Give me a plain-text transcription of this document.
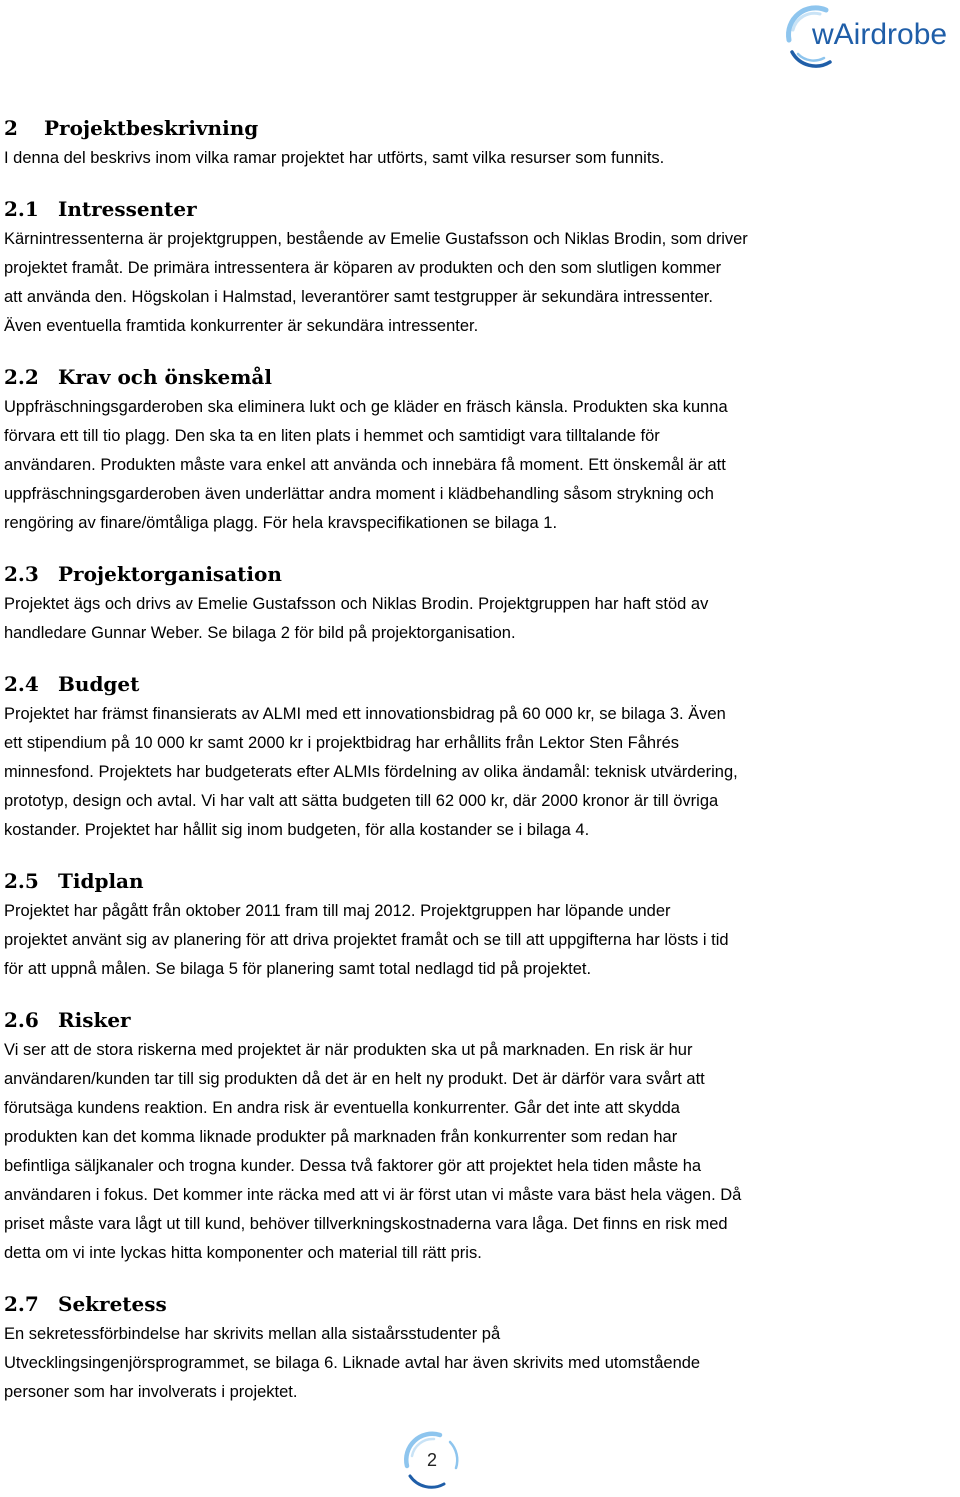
wAirdrobe
2 Projektbeskrivning

I denna del beskrivs inom vilka ramar projektet har utförts, samt vilka resurser som funnits.

2.1 Intressenter

Kärnintressenterna är projektgruppen, bestående av Emelie Gustafsson och Niklas Brodin, som driver
projektet framåt. De primära intressentera är köparen av produkten och den som slutligen kommer
att använda den. Högskolan i Halmstad, leverantörer samt testgrupper är sekundära intressenter.
Även eventuella framtida konkurrenter är sekundära intressenter.

2.2 Krav och önskemål

Uppfräschningsgarderoben ska eliminera lukt och ge kläder en fräsch känsla. Produkten ska kunna
förvara ett till tio plagg. Den ska ta en liten plats i hemmet och samtidigt vara tilltalande för
användaren. Produkten måste vara enkel att använda och innebära få moment. Ett önskemål är att
uppfräschningsgarderoben även underlättar andra moment i klädbehandling såsom strykning och
rengöring av finare/ömtåliga plagg. För hela kravspecifikationen se bilaga 1.

2.3 Projektorganisation

Projektet ägs och drivs av Emelie Gustafsson och Niklas Brodin. Projektgruppen har haft stöd av
handledare Gunnar Weber. Se bilaga 2 för bild på projektorganisation.

2.4 Budget

Projektet har främst finansierats av ALMI med ett innovationsbidrag på 60 000 kr, se bilaga 3. Även
ett stipendium på 10 000 kr samt 2000 kr i projektbidrag har erhållits från Lektor Sten Fåhrés
minnesfond. Projektets har budgeterats efter ALMIs fördelning av olika ändamål: teknisk utvärdering,
prototyp, design och avtal. Vi har valt att sätta budgeten till 62 000 kr, där 2000 kronor är till övriga
kostander. Projektet har hållit sig inom budgeten, för alla kostander se i bilaga 4.

2.5 Tidplan

Projektet har pågått från oktober 2011 fram till maj 2012. Projektgruppen har löpande under
projektet använt sig av planering för att driva projektet framåt och se till att uppgifterna har lösts i tid
för att uppnå målen. Se bilaga 5 för planering samt total nedlagd tid på projektet.

2.6 Risker

Vi ser att de stora riskerna med projektet är när produkten ska ut på marknaden. En risk är hur
användaren/kunden tar till sig produkten då det är en helt ny produkt. Det är därför vara svårt att
förutsäga kundens reaktion. En andra risk är eventuella konkurrenter. Går det inte att skydda
produkten kan det komma liknade produkter på marknaden från konkurrenter som redan har
befintliga säljkanaler och trogna kunder. Dessa två faktorer gör att projektet hela tiden måste ha
användaren i fokus. Det kommer inte räcka med att vi är först utan vi måste vara bäst hela vägen. Då
priset måste vara lågt ut till kund, behöver tillverkningskostnaderna vara låga. Det finns en risk med
detta om vi inte lyckas hitta komponenter och material till rätt pris.

2.7 Sekretess

En sekretessförbindelse har skrivits mellan alla sistaårsstudenter på
Utvecklingsingenjörsprogrammet, se bilaga 6. Liknade avtal har även skrivits med utomstående
personer som har involverats i projektet.

2
